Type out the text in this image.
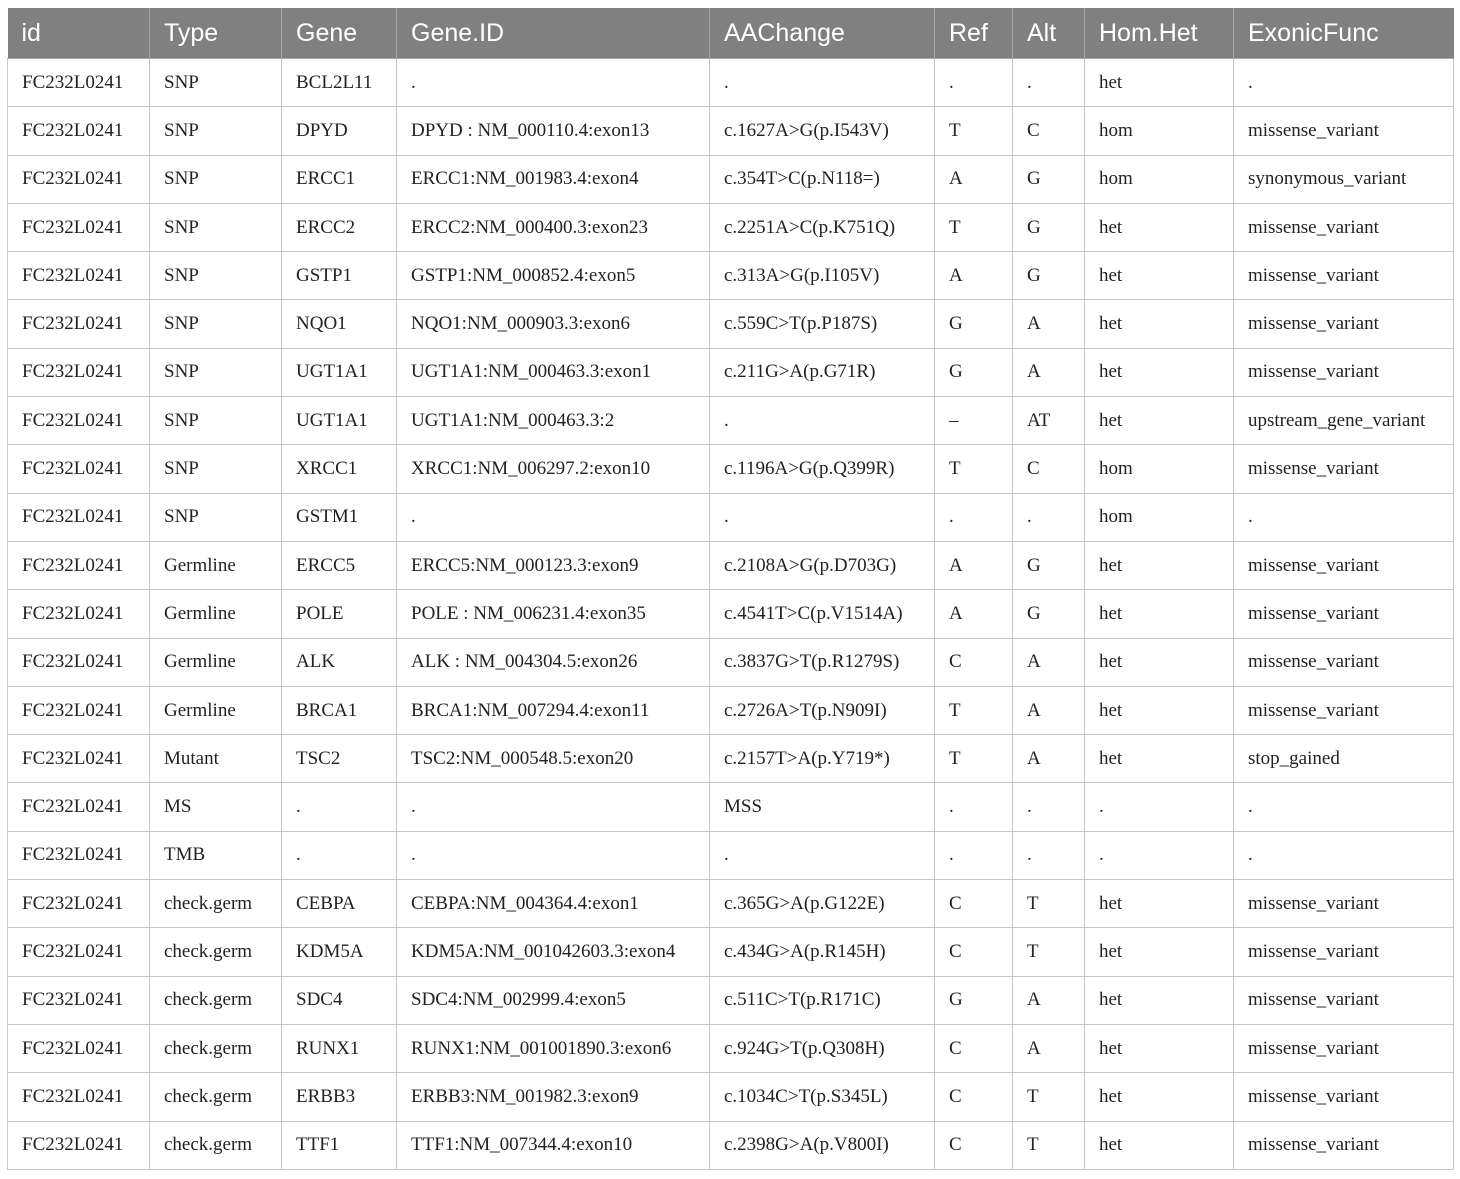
id	Type	Gene	Gene.ID	AAChange	Ref	Alt	Hom.Het	ExonicFunc
FC232L0241	SNP	BCL2L11	.	.	.	.	het	.
FC232L0241	SNP	DPYD	DPYD : NM_000110.4:exon13	c.1627A>G(p.I543V)	T	C	hom	missense_variant
FC232L0241	SNP	ERCC1	ERCC1:NM_001983.4:exon4	c.354T>C(p.N118=)	A	G	hom	synonymous_variant
FC232L0241	SNP	ERCC2	ERCC2:NM_000400.3:exon23	c.2251A>C(p.K751Q)	T	G	het	missense_variant
FC232L0241	SNP	GSTP1	GSTP1:NM_000852.4:exon5	c.313A>G(p.I105V)	A	G	het	missense_variant
FC232L0241	SNP	NQO1	NQO1:NM_000903.3:exon6	c.559C>T(p.P187S)	G	A	het	missense_variant
FC232L0241	SNP	UGT1A1	UGT1A1:NM_000463.3:exon1	c.211G>A(p.G71R)	G	A	het	missense_variant
FC232L0241	SNP	UGT1A1	UGT1A1:NM_000463.3:2	.	–	AT	het	upstream_gene_variant
FC232L0241	SNP	XRCC1	XRCC1:NM_006297.2:exon10	c.1196A>G(p.Q399R)	T	C	hom	missense_variant
FC232L0241	SNP	GSTM1	.	.	.	.	hom	.
FC232L0241	Germline	ERCC5	ERCC5:NM_000123.3:exon9	c.2108A>G(p.D703G)	A	G	het	missense_variant
FC232L0241	Germline	POLE	POLE : NM_006231.4:exon35	c.4541T>C(p.V1514A)	A	G	het	missense_variant
FC232L0241	Germline	ALK	ALK : NM_004304.5:exon26	c.3837G>T(p.R1279S)	C	A	het	missense_variant
FC232L0241	Germline	BRCA1	BRCA1:NM_007294.4:exon11	c.2726A>T(p.N909I)	T	A	het	missense_variant
FC232L0241	Mutant	TSC2	TSC2:NM_000548.5:exon20	c.2157T>A(p.Y719*)	T	A	het	stop_gained
FC232L0241	MS	.	.	MSS	.	.	.	.
FC232L0241	TMB	.	.	.	.	.	.	.
FC232L0241	check.germ	CEBPA	CEBPA:NM_004364.4:exon1	c.365G>A(p.G122E)	C	T	het	missense_variant
FC232L0241	check.germ	KDM5A	KDM5A:NM_001042603.3:exon4	c.434G>A(p.R145H)	C	T	het	missense_variant
FC232L0241	check.germ	SDC4	SDC4:NM_002999.4:exon5	c.511C>T(p.R171C)	G	A	het	missense_variant
FC232L0241	check.germ	RUNX1	RUNX1:NM_001001890.3:exon6	c.924G>T(p.Q308H)	C	A	het	missense_variant
FC232L0241	check.germ	ERBB3	ERBB3:NM_001982.3:exon9	c.1034C>T(p.S345L)	C	T	het	missense_variant
FC232L0241	check.germ	TTF1	TTF1:NM_007344.4:exon10	c.2398G>A(p.V800I)	C	T	het	missense_variant
